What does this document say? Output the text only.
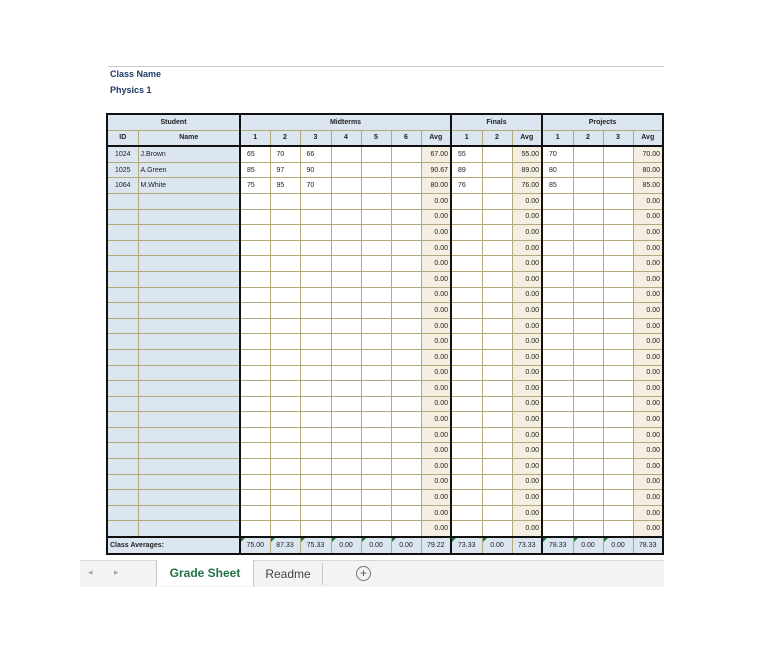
Class Name
Physics 1
Student		Midterms							Finals			Projects			
ID	Name	1	2	3	4	5	6	Avg	1	2	Avg	1	2	3	Avg
1024	J.Brown	65	70	66				67.00	55		55.00	70			70.00
1025	A.Green	85	97	90				90.67	89		89.00	80			80.00
1064	M.White	75	95	70				80.00	76		76.00	85			85.00
								0.00			0.00				0.00
								0.00			0.00				0.00
								0.00			0.00				0.00
								0.00			0.00				0.00
								0.00			0.00				0.00
								0.00			0.00				0.00
								0.00			0.00				0.00
								0.00			0.00				0.00
								0.00			0.00				0.00
								0.00			0.00				0.00
								0.00			0.00				0.00
								0.00			0.00				0.00
								0.00			0.00				0.00
								0.00			0.00				0.00
								0.00			0.00				0.00
								0.00			0.00				0.00
								0.00			0.00				0.00
								0.00			0.00				0.00
								0.00			0.00				0.00
								0.00			0.00				0.00
								0.00			0.00				0.00
								0.00			0.00				0.00
Class Averages:		75.00	87.33	75.33	0.00	0.00	0.00	79.22	73.33	0.00	73.33	78.33	0.00	0.00	78.33
◂ ▸	Grade Sheet	Readme	+
